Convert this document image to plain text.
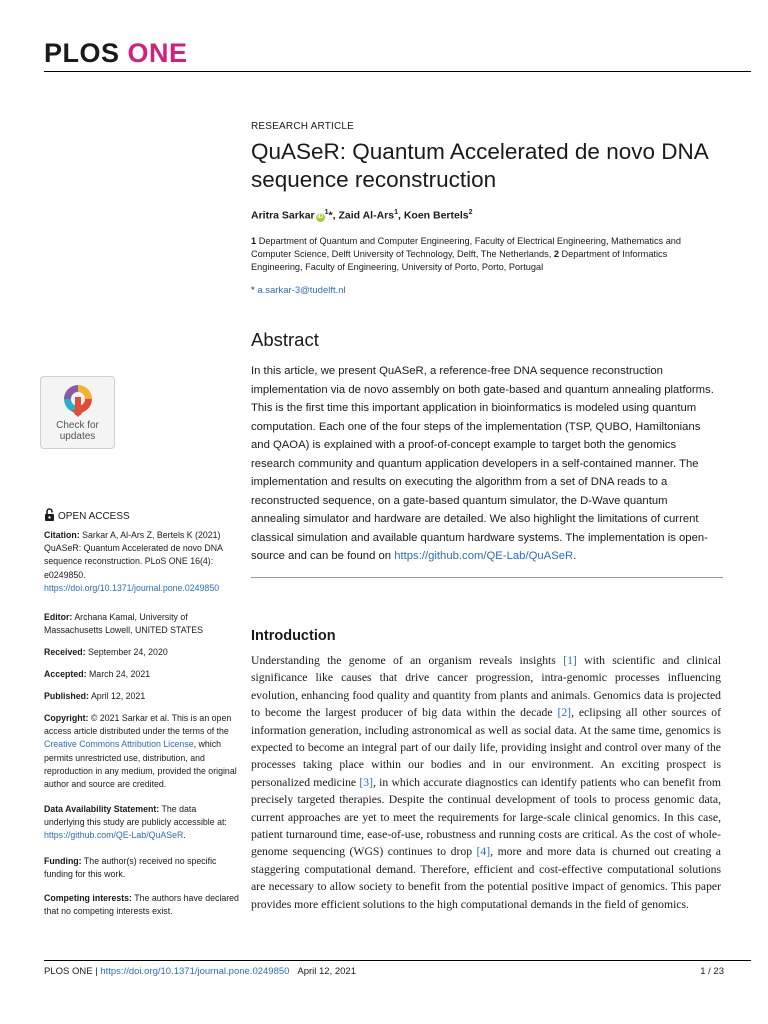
PLOS ONE
RESEARCH ARTICLE
QuASeR: Quantum Accelerated de novo DNA sequence reconstruction
Aritra Sarkar $iD^1*$, Zaid Al-Ars$^1$, Koen Bertels$^2$
1 Department of Quantum and Computer Engineering, Faculty of Electrical Engineering, Mathematics and Computer Science, Delft University of Technology, Delft, The Netherlands, 2 Department of Informatics Engineering, Faculty of Engineering, University of Porto, Porto, Portugal
* a.sarkar-3@tudelft.nl
Abstract

In this article, we present QuASeR, a reference-free DNA sequence reconstruction implementation via de novo assembly on both gate-based and quantum annealing platforms. This is the first time this important application in bioinformatics is modeled using quantum computation. Each one of the four steps of the implementation (TSP, QUBO, Hamiltonians and QAOA) is explained with a proof-of-concept example to target both the genomics research community and quantum application developers in a self-contained manner. The implementation and results on executing the algorithm from a set of DNA reads to a reconstructed sequence, on a gate-based quantum simulator, the D-Wave quantum annealing simulator and hardware are detailed. We also highlight the limitations of current classical simulation and available quantum hardware systems. The implementation is open-source and can be found on https://github.com/QE-Lab/QuASeR.

Introduction

Understanding the genome of an organism reveals insights [1] with scientific and clinical significance like causes that drive cancer progression, intra-genomic processes influencing evolution, enhancing food quality and quantity from plants and animals. Genomics data is projected to become the largest producer of big data within the decade [2], eclipsing all other sources of information generation, including astronomical as well as social data. At the same time, genomics is expected to become an integral part of our daily life, providing insight and control over many of the processes taking place within our bodies and in our environment. An exciting prospect is personalized medicine [3], in which accurate diagnostics can identify patients who can benefit from precisely targeted therapies. Despite the continual development of tools to process genomic data, current approaches are yet to meet the requirements for large-scale clinical genomics. In this case, patient turnaround time, ease-of-use, robustness and running costs are critical. As the cost of whole-genome sequencing (WGS) continues to drop [4], more and more data is churned out creating a staggering computational demand. Therefore, efficient and cost-effective computational solutions are necessary to allow society to benefit from the potential positive impact of genomics. This paper provides more efficient solutions to the high computational demands in the field of genomics.

Check for
updates
OPEN ACCESS
Citation: Sarkar A, Al-Ars Z, Bertels K (2021) QuASeR: Quantum Accelerated de novo DNA sequence reconstruction. PLoS ONE 16(4): e0249850. https://doi.org/10.1371/journal.pone.0249850
Editor: Archana Kamal, University of Massachusetts Lowell, UNITED STATES
Received: September 24, 2020
Accepted: March 24, 2021
Published: April 12, 2021
Copyright: © 2021 Sarkar et al. This is an open access article distributed under the terms of the Creative Commons Attribution License, which permits unrestricted use, distribution, and reproduction in any medium, provided the original author and source are credited.
Data Availability Statement: The data underlying this study are publicly accessible at: https://github.com/QE-Lab/QuASeR.
Funding: The author(s) received no specific funding for this work.
Competing interests: The authors have declared that no competing interests exist.
PLOS ONE | https://doi.org/10.1371/journal.pone.0249850 April 12, 2021	1 / 23
